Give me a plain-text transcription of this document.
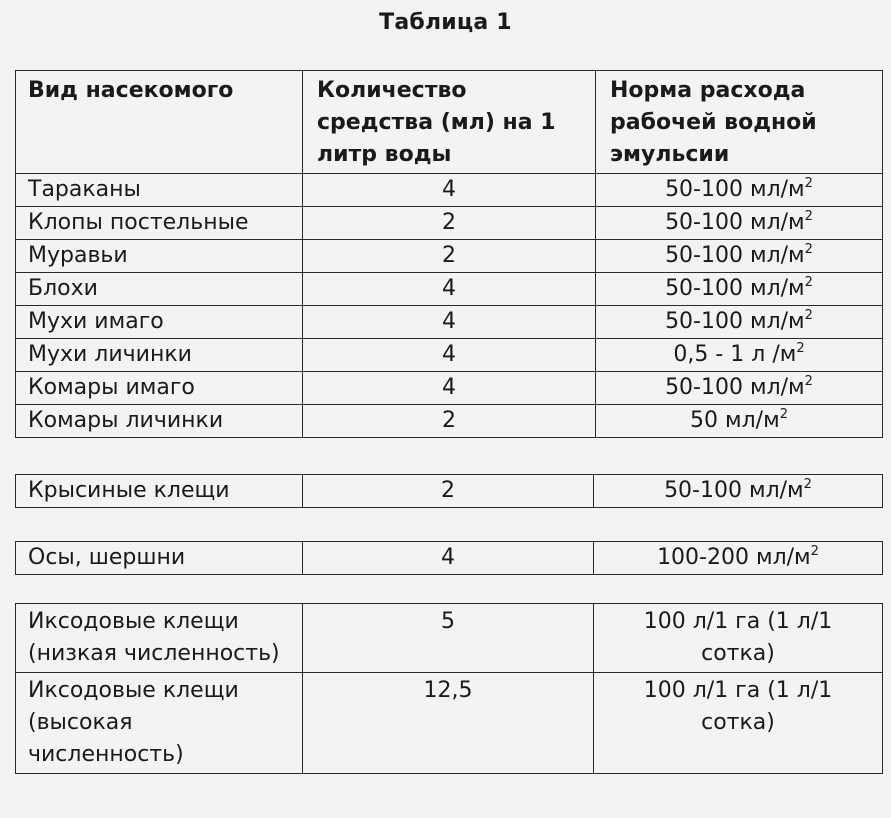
Таблица 1
Вид насекомого	Количество средства (мл) на 1 литр воды	Норма расхода рабочей водной эмульсии
Тараканы	4	50-100 $мл/м^2$
Клопы постельные	2	50-100 $мл/м^2$
Муравьи	2	50-100 $мл/м^2$
Блохи	4	50-100 $мл/м^2$
Мухи имаго	4	50-100 $мл/м^2$
Мухи личинки	4	0,5 - 1 л $/м^2$
Комары имаго	4	50-100 $мл/м^2$
Комары личинки	2	50 $мл/м^2$
Крысиные клещи	2	50-100 $мл/м^2$
Осы, шершни	4	100-200 $мл/м^2$
Иксодовые клещи (низкая численность)	5	100 л/1 га (1 л/1 сотка)
Иксодовые клещи (высокая численность)	12,5	100 л/1 га (1 л/1 сотка)
